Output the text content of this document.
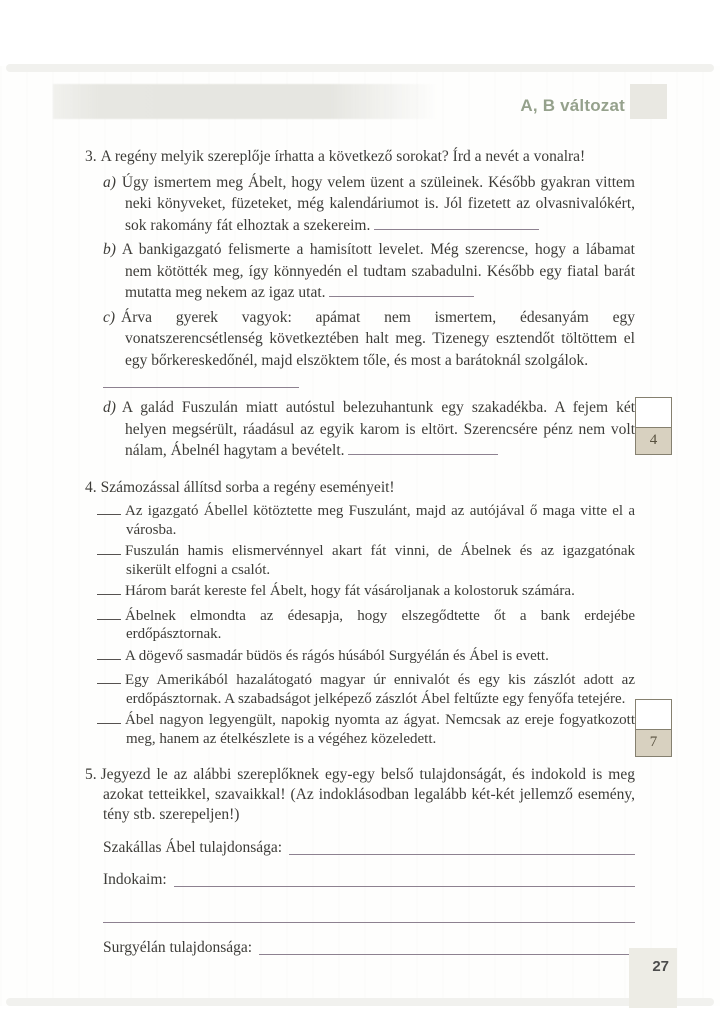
A, B változat

3. A regény melyik szereplője írhatta a következő sorokat? Írd a nevét a vonalra!

a) Úgy ismertem meg Ábelt, hogy velem üzent a szüleinek. Később gyakran vittem neki könyveket, füzeteket, még kalendáriumot is. Jól fizetett az olvasnivalókért, sok rakomány fát elhoztak a szekereim.

b) A bankigazgató felismerte a hamisított levelet. Még szerencse, hogy a lábamat nem kötötték meg, így könnyedén el tudtam szabadulni. Később egy fiatal barát mutatta meg nekem az igaz utat.

c) Árva gyerek vagyok: apámat nem ismertem, édesanyám egy vonatszerencsétlenség következtében halt meg. Tizenegy esztendőt töltöttem el egy bőrkereskedőnél, majd elszöktem tőle, és most a barátoknál szolgálok.

d) A galád Fuszulán miatt autóstul belezuhantunk egy szakadékba. A fejem két helyen megsérült, ráadásul az egyik karom is eltört. Szerencsére pénz nem volt nálam, Ábelnél hagytam a bevételt.

4

4. Számozással állítsd sorba a regény eseményeit!

Az igazgató Ábellel kötöztette meg Fuszulánt, majd az autójával ő maga vitte el a városba.

Fuszulán hamis elismervénnyel akart fát vinni, de Ábelnek és az igazgatónak sikerült elfogni a csalót.

Három barát kereste fel Ábelt, hogy fát vásároljanak a kolostoruk számára.

Ábelnek elmondta az édesapja, hogy elszegődtette őt a bank erdejébe erdőpásztornak.

A dögevő sasmadár büdös és rágós húsából Surgyélán és Ábel is evett.

Egy Amerikából hazalátogató magyar úr ennivalót és egy kis zászlót adott az erdőpásztornak. A szabadságot jelképező zászlót Ábel feltűzte egy fenyőfa tetejére.

Ábel nagyon legyengült, napokig nyomta az ágyat. Nemcsak az ereje fogyatkozott meg, hanem az ételkészlete is a végéhez közeledett.	7

5. Jegyezd le az alábbi szereplőknek egy-egy belső tulajdonságát, és indokold is meg azokat tetteikkel, szavaikkal! (Az indoklásodban legalább két-két jellemző esemény, tény stb. szerepeljen!)

Szakállas Ábel tulajdonsága:
Indokaim:
Surgyélán tulajdonsága:
27
